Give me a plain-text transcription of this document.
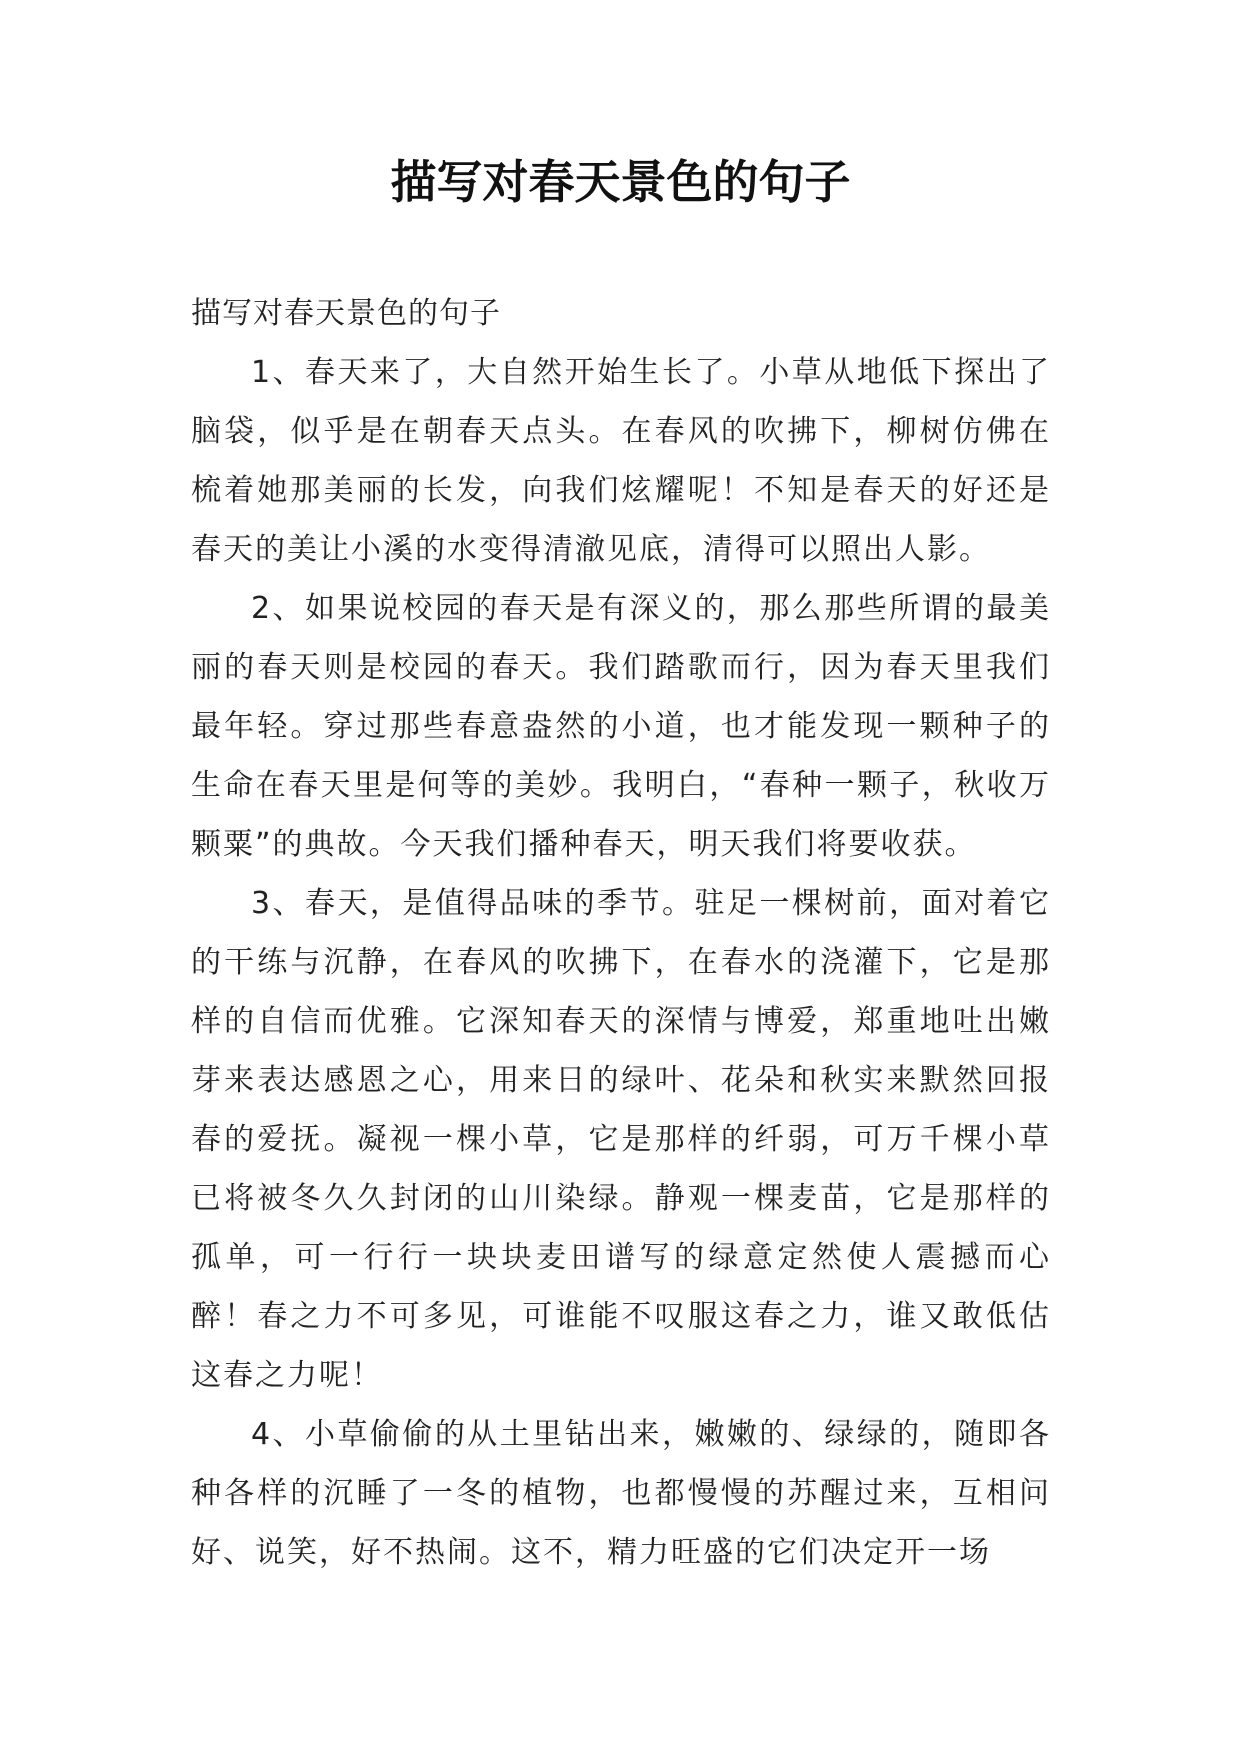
描写对春天景色的句子

描写对春天景色的句子

1、春天来了，大自然开始生长了。小草从地低下探出了脑袋，似乎是在朝春天点头。在春风的吹拂下，柳树仿佛在梳着她那美丽的长发，向我们炫耀呢！不知是春天的好还是春天的美让小溪的水变得清澈见底，清得可以照出人影。

2、如果说校园的春天是有深义的，那么那些所谓的最美丽的春天则是校园的春天。我们踏歌而行，因为春天里我们最年轻。穿过那些春意盎然的小道，也才能发现一颗种子的生命在春天里是何等的美妙。我明白，“春种一颗子，秋收万颗粟”的典故。今天我们播种春天，明天我们将要收获。

3、春天，是值得品味的季节。驻足一棵树前，面对着它的干练与沉静，在春风的吹拂下，在春水的浇灌下，它是那样的自信而优雅。它深知春天的深情与博爱，郑重地吐出嫩芽来表达感恩之心，用来日的绿叶、花朵和秋实来默然回报春的爱抚。凝视一棵小草，它是那样的纤弱，可万千棵小草已将被冬久久封闭的山川染绿。静观一棵麦苗，它是那样的孤单，可一行行一块块麦田谱写的绿意定然使人震撼而心醉！春之力不可多见，可谁能不叹服这春之力，谁又敢低估这春之力呢！

4、小草偷偷的从土里钻出来，嫩嫩的、绿绿的，随即各种各样的沉睡了一冬的植物，也都慢慢的苏醒过来，互相问好、说笑，好不热闹。这不，精力旺盛的它们决定开一场
